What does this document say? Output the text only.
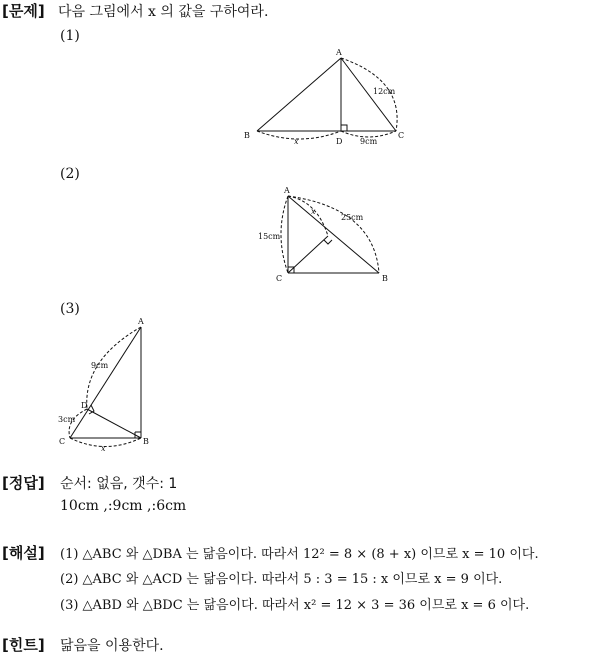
[문제] 다음 그림에서 x 의 값을 구하여라.
(1)
A
B	C
D
12cm
9cm
x
(2)
A
B
C
15cm
25cm
x
(3)
A
B
C
D
9cm
3cm
x
[정답] 순서: 없음, 갯수: 1
10cm ,:9cm ,:6cm
[해설] (1) △ABC 와 △DBA 는 닮음이다. 따라서 12² = 8 × (8 + x) 이므로 x = 10 이다.
(2) △ABC 와 △ACD 는 닮음이다. 따라서 5 : 3 = 15 : x 이므로 x = 9 이다.
(3) △ABD 와 △BDC 는 닮음이다. 따라서 x² = 12 × 3 = 36 이므로 x = 6 이다.
[힌트] 닮음을 이용한다.
